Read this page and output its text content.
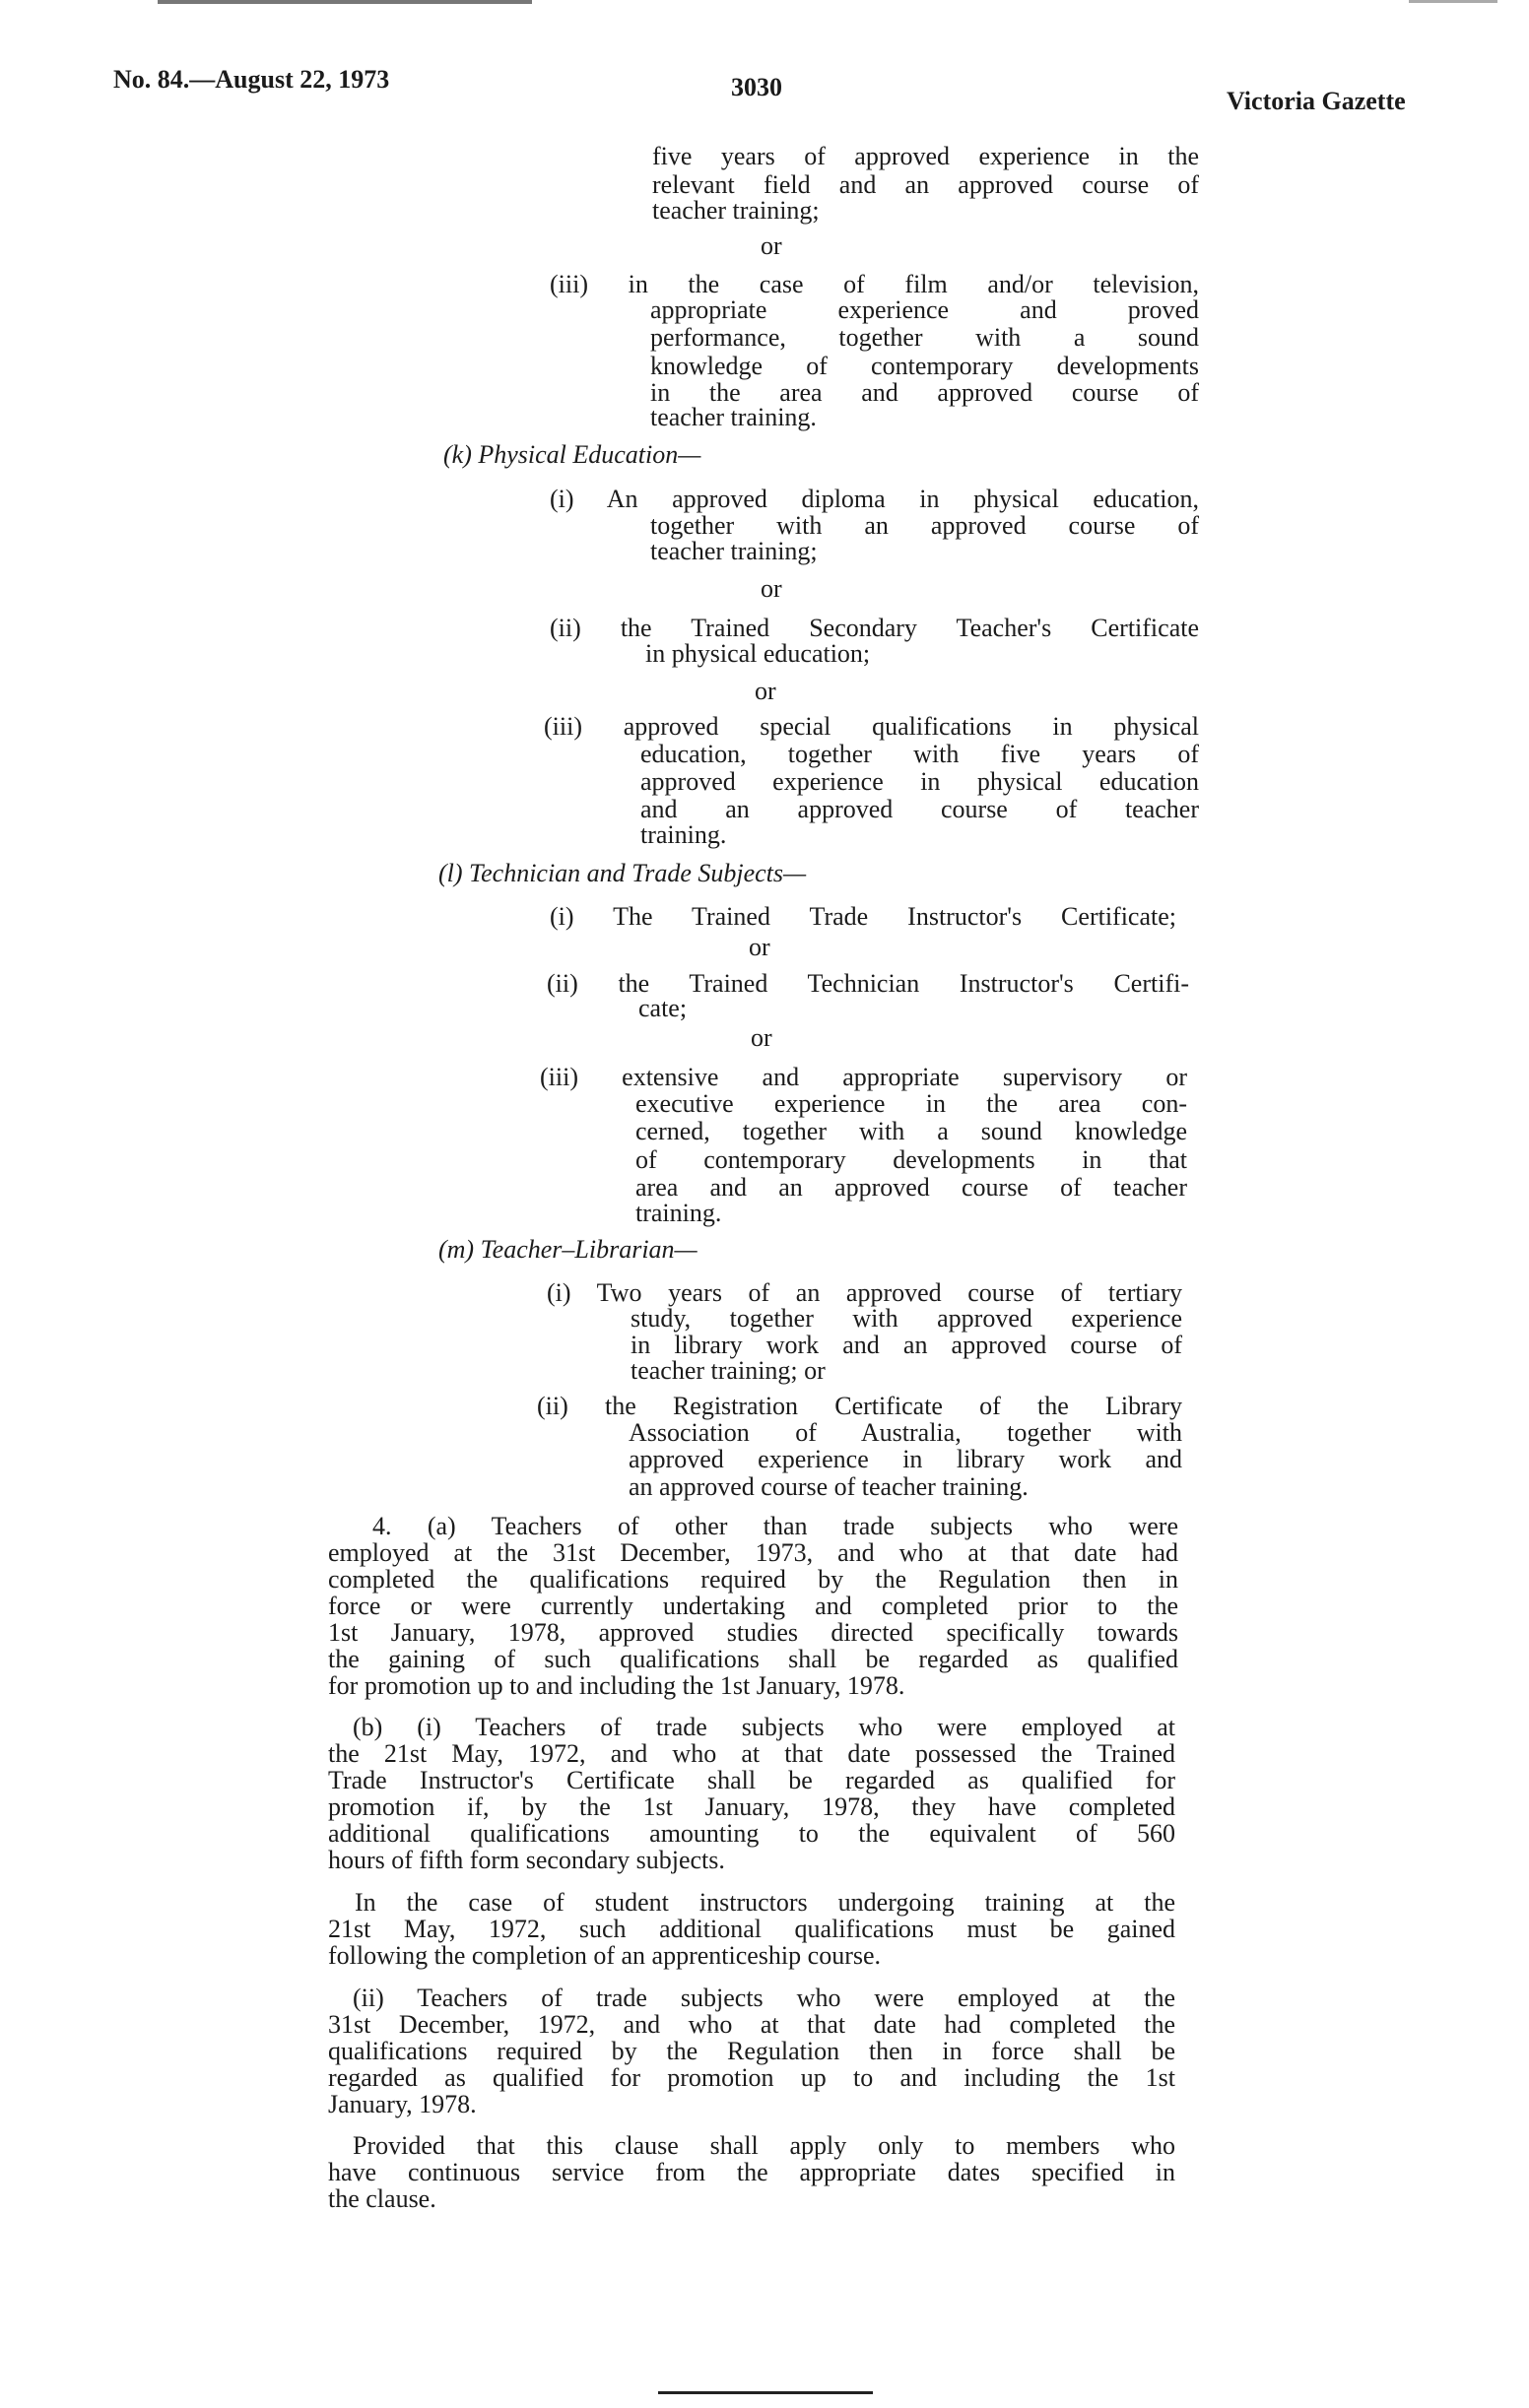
No. 84.—August 22, 1973	3030	Victoria Gazette
five years of approved experience in the
relevant field and an approved course of
teacher training;
or
(iii) in the case of film and/or television,
appropriate experience and proved
performance, together with a sound
knowledge of contemporary developments
in the area and approved course of
teacher training.
(k) Physical Education—
(i) An approved diploma in physical education,
together with an approved course of
teacher training;
or
(ii) the Trained Secondary Teacher's Certificate
in physical education;
or
(iii) approved special qualifications in physical
education, together with five years of
approved experience in physical education
and an approved course of teacher
training.
(l) Technician and Trade Subjects—
(i) The Trained Trade Instructor's Certificate;
or
(ii) the Trained Technician Instructor's Certifi-
cate;
or
(iii) extensive and appropriate supervisory or
executive experience in the area con-
cerned, together with a sound knowledge
of contemporary developments in that
area and an approved course of teacher
training.
(m) Teacher–Librarian—
(i) Two years of an approved course of tertiary
study, together with approved experience
in library work and an approved course of
teacher training; or
(ii) the Registration Certificate of the Library
Association of Australia, together with
approved experience in library work and
an approved course of teacher training.
4. (a) Teachers of other than trade subjects who were
employed at the 31st December, 1973, and who at that date had
completed the qualifications required by the Regulation then in
force or were currently undertaking and completed prior to the
1st January, 1978, approved studies directed specifically towards
the gaining of such qualifications shall be regarded as qualified
for promotion up to and including the 1st January, 1978.
(b) (i) Teachers of trade subjects who were employed at
the 21st May, 1972, and who at that date possessed the Trained
Trade Instructor's Certificate shall be regarded as qualified for
promotion if, by the 1st January, 1978, they have completed
additional qualifications amounting to the equivalent of 560
hours of fifth form secondary subjects.
In the case of student instructors undergoing training at the
21st May, 1972, such additional qualifications must be gained
following the completion of an apprenticeship course.
(ii) Teachers of trade subjects who were employed at the
31st December, 1972, and who at that date had completed the
qualifications required by the Regulation then in force shall be
regarded as qualified for promotion up to and including the 1st
January, 1978.
Provided that this clause shall apply only to members who
have continuous service from the appropriate dates specified in
the clause.
